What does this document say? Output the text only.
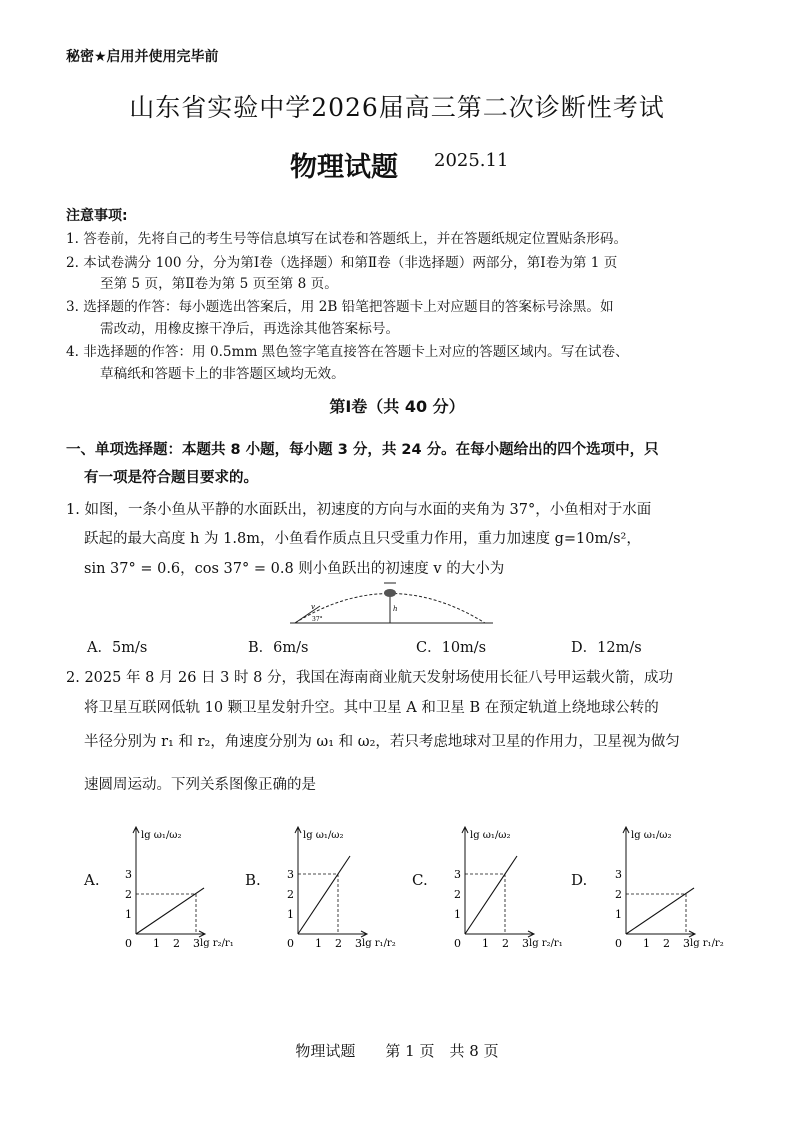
秘密★启用并使用完毕前
山东省实验中学2026届高三第二次诊断性考试
物理试题 2025.11
注意事项:
1. 答卷前，先将自己的考生号等信息填写在试卷和答题纸上，并在答题纸规定位置贴条形码。
2. 本试卷满分 100 分，分为第Ⅰ卷（选择题）和第Ⅱ卷（非选择题）两部分，第Ⅰ卷为第 1 页
至第 5 页，第Ⅱ卷为第 5 页至第 8 页。
3. 选择题的作答：每小题选出答案后，用 2B 铅笔把答题卡上对应题目的答案标号涂黑。如
需改动，用橡皮擦干净后，再选涂其他答案标号。
4. 非选择题的作答：用 0.5mm 黑色签字笔直接答在答题卡上对应的答题区域内。写在试卷、
草稿纸和答题卡上的非答题区域均无效。
第Ⅰ卷（共 40 分）
一、单项选择题：本题共 8 小题，每小题 3 分，共 24 分。在每小题给出的四个选项中，只
有一项是符合题目要求的。
1. 如图，一条小鱼从平静的水面跃出，初速度的方向与水面的夹角为 37°，小鱼相对于水面
跃起的最大高度 h 为 1.8m，小鱼看作质点且只受重力作用，重力加速度 g=10m/s²，
sin 37° = 0.6，cos 37° = 0.8 则小鱼跃出的初速度 v 的大小为
v
37°
h
A．5m/s	B．6m/s	C．10m/s	D．12m/s
2. 2025 年 8 月 26 日 3 时 8 分，我国在海南商业航天发射场使用长征八号甲运载火箭，成功
将卫星互联网低轨 10 颗卫星发射升空。其中卫星 A 和卫星 B 在预定轨道上绕地球公转的
半径分别为 r₁ 和 r₂，角速度分别为 ω₁ 和 ω₂，若只考虑地球对卫星的作用力，卫星视为做匀
速圆周运动。下列关系图像正确的是
A.	B.	C.	D.
1 2 3
1
2
3
0
lg ω₁/ω₂
lg r₂/r₁	1 2 3
1
2
3
0
lg ω₁/ω₂
lg r₁/r₂	1 2 3
1
2
3
0
lg ω₁/ω₂
lg r₂/r₁	1 2 3
1
2
3
0
lg ω₁/ω₂
lg r₁/r₂
物理试题　　第 1 页　共 8 页
